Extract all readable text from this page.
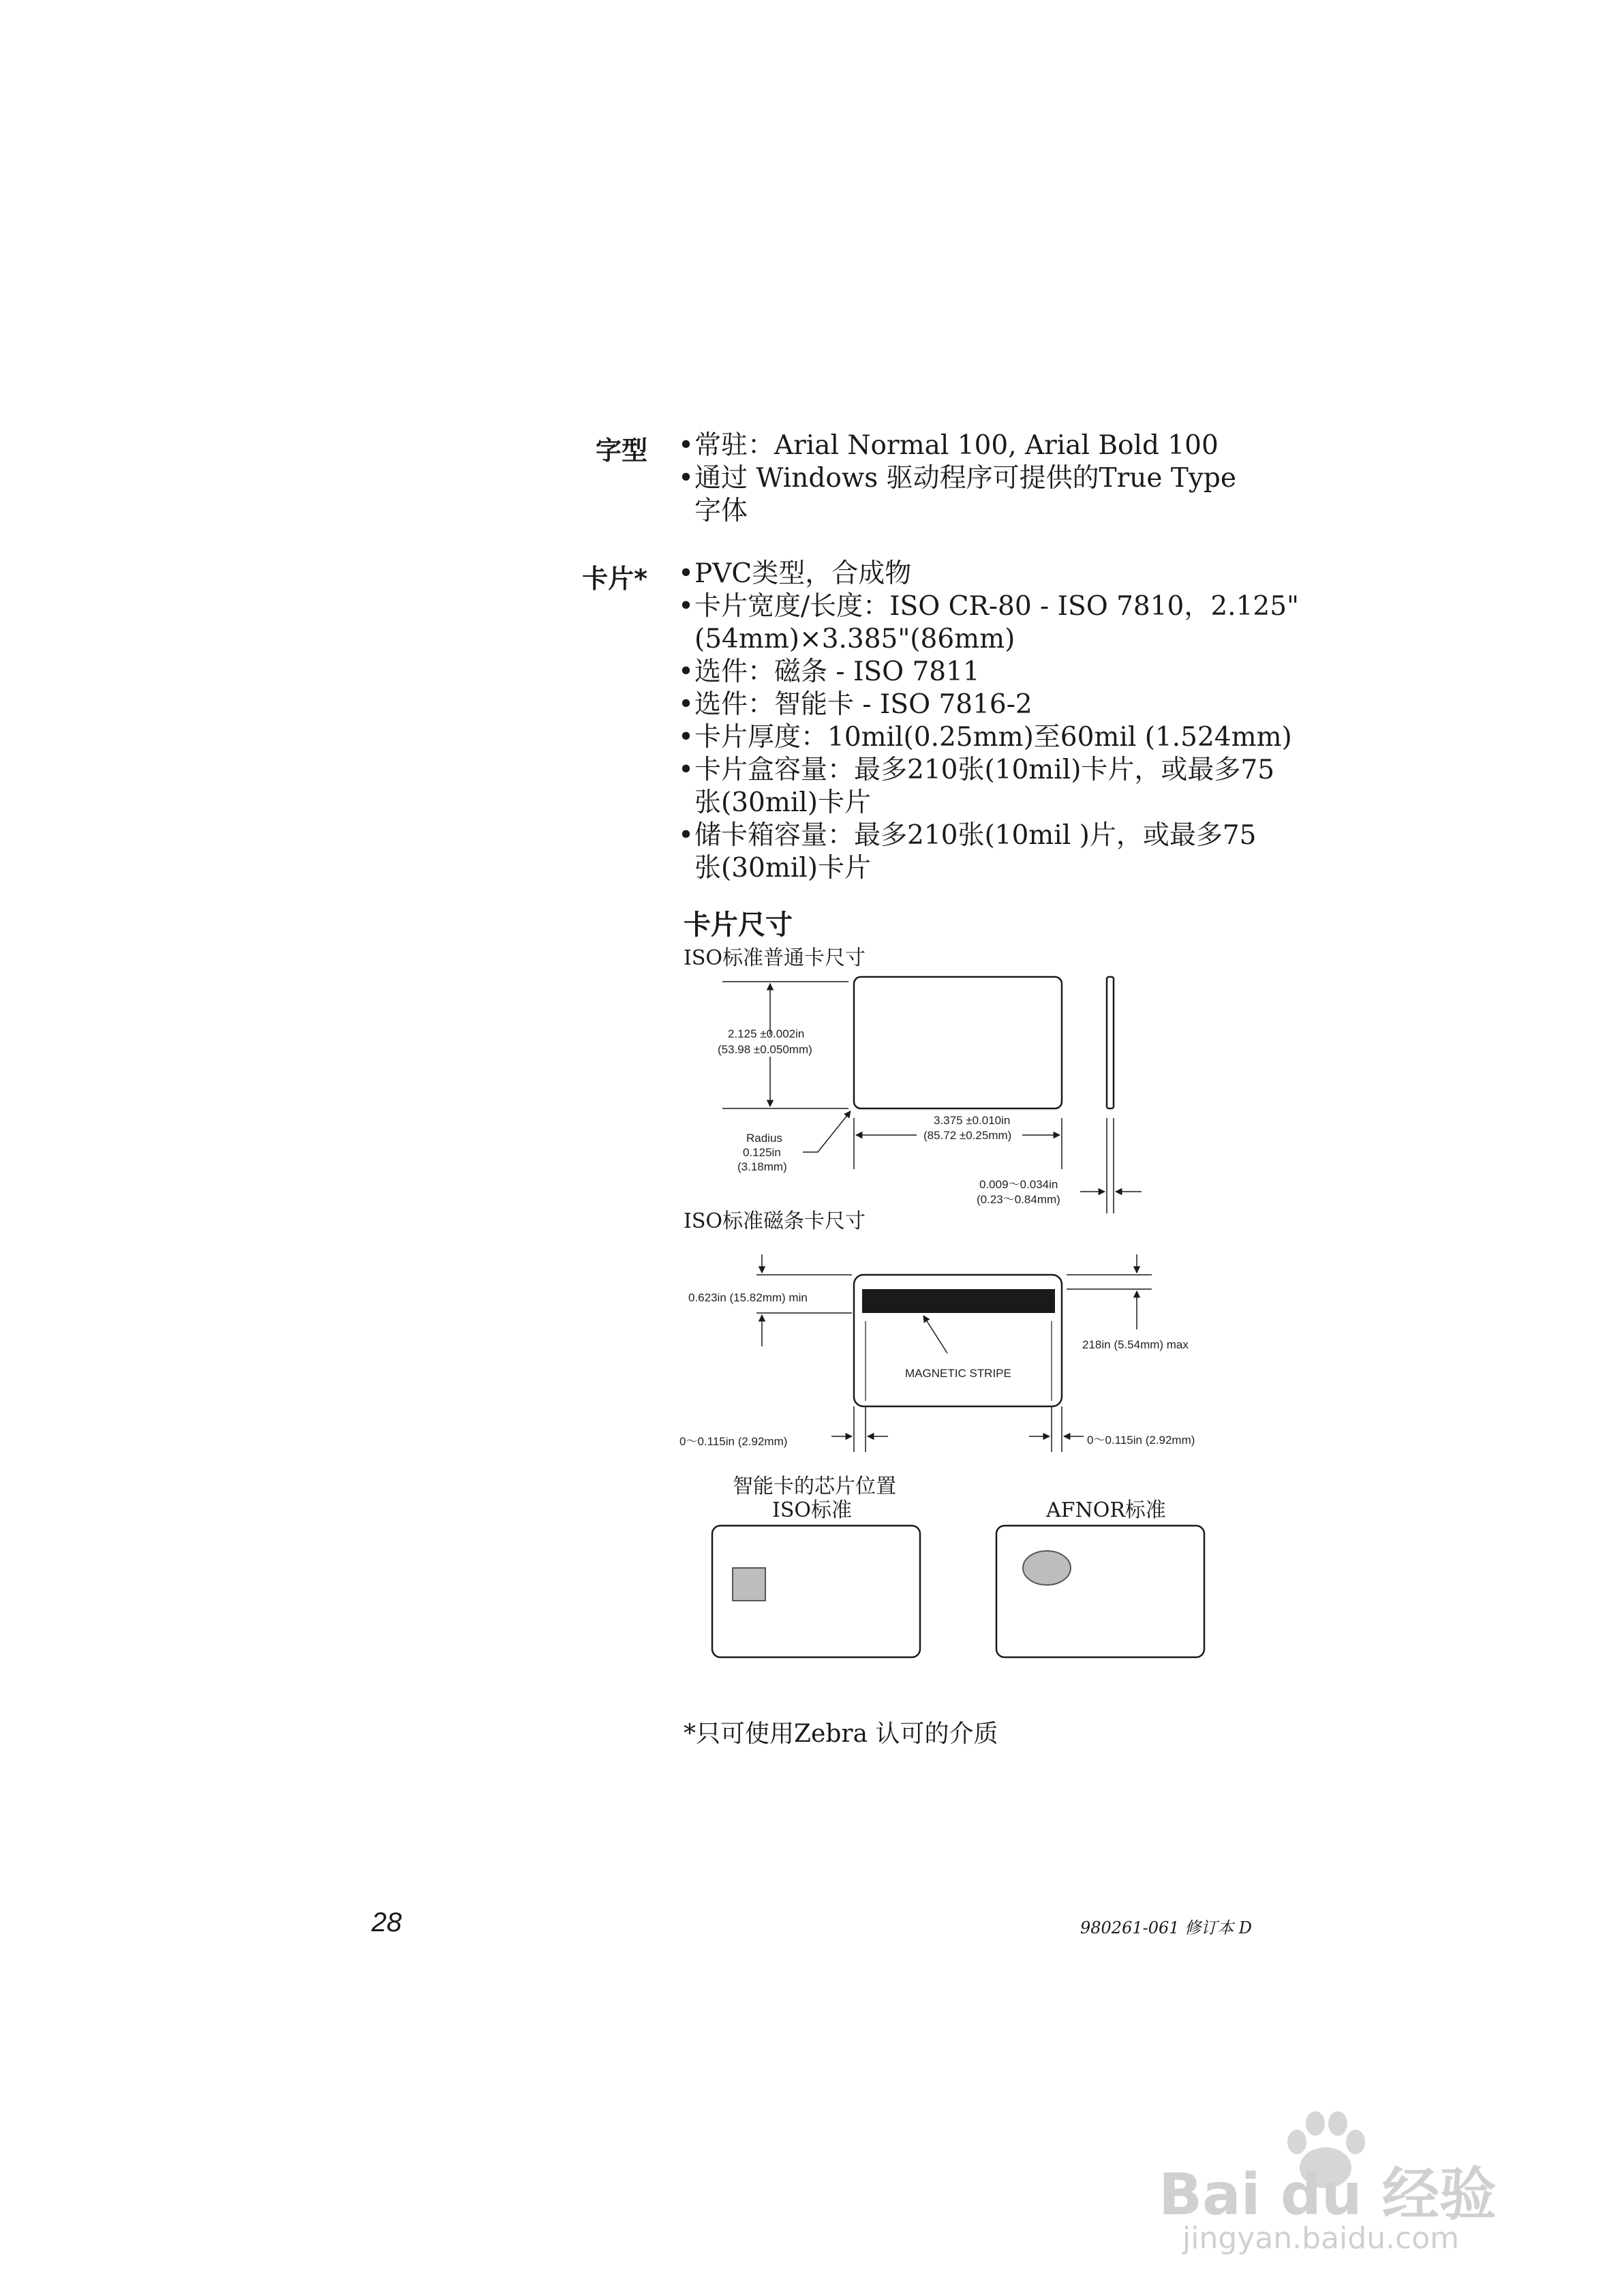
字型 •常驻：Arial Normal 100, Arial Bold 100
•通过 Windows 驱动程序可提供的True Type
字体
卡片* •PVC类型，合成物
•卡片宽度/长度：ISO CR-80 - ISO 7810，2.125"
(54mm)×3.385"(86mm)
•选件：磁条 - ISO 7811
•选件：智能卡 - ISO 7816-2
•卡片厚度：10mil(0.25mm)至60mil (1.524mm)
•卡片盒容量：最多210张(10mil)卡片，或最多75
张(30mil)卡片
•储卡箱容量：最多210张(10mil )片，或最多75
张(30mil)卡片
卡片尺寸
ISO标准普通卡尺寸
2.125 ±0.002in
(53.98 ±0.050mm)
Radius
0.125in
(3.18mm)
3.375 ±0.010in
(85.72 ±0.25mm)
0.009～0.034in
(0.23～0.84mm)
ISO标准磁条卡尺寸
0.623in (15.82mm) min
218in (5.54mm) max
MAGNETIC STRIPE
0～0.115in (2.92mm)	0～0.115in (2.92mm)
智能卡的芯片位置
ISO标准	AFNOR标准
*只可使用Zebra 认可的介质
28	980261-061 修订本 D
Bai du 经验
jingyan.baidu.com
